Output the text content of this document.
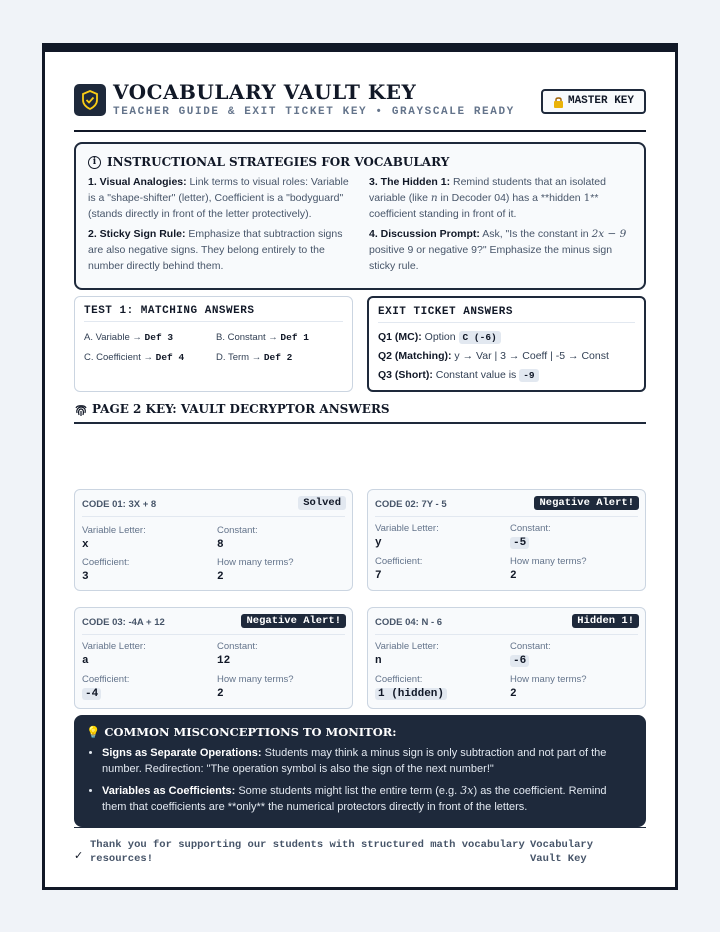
VOCABULARY VAULT KEY
TEACHER GUIDE & EXIT TICKET KEY • GRAYSCALE READY
MASTER KEY
i INSTRUCTIONAL STRATEGIES FOR VOCABULARY

1. Visual Analogies: Link terms to visual roles: Variable is a "shape-shifter" (letter), Coefficient is a "bodyguard" (stands directly in front of the letter protectively).

2. Sticky Sign Rule: Emphasize that subtraction signs are also negative signs. They belong entirely to the number directly behind them.

3. The Hidden 1: Remind students that an isolated variable (like n in Decoder 04) has a **hidden 1** coefficient standing in front of it.

4. Discussion Prompt: Ask, "Is the constant in 2x − 9 positive 9 or negative 9?" Emphasize the minus sign sticky rule.

TEST 1: MATCHING ANSWERS
A. Variable → Def 3	B. Constant → Def 1
C. Coefficient → Def 4	D. Term → Def 2
EXIT TICKET ANSWERS
Q1 (MC): Option C (-6)
Q2 (Matching): y → Var | 3 → Coeff | -5 → Const
Q3 (Short): Constant value is -9
PAGE 2 KEY: VAULT DECRYPTOR ANSWERS
CODE 01: 3X + 8	Solved
Variable Letter:	Constant:
x	8
Coefficient:	How many terms?
3	2
CODE 02: 7Y - 5	Negative Alert!
Variable Letter:	Constant:
y	-5
Coefficient:	How many terms?
7	2
CODE 03: -4A + 12	Negative Alert!
Variable Letter:	Constant:
a	12
Coefficient:	How many terms?
-4	2
CODE 04: N - 6	Hidden 1!
Variable Letter:	Constant:
n	-6
Coefficient:	How many terms?
1 (hidden)	2
💡 COMMON MISCONCEPTIONS TO MONITOR:
• Signs as Separate Operations: Students may think a minus sign is only subtraction and not part of the number. Redirection: "The operation symbol is also the sign of the next number!"
• Variables as Coefficients: Some students might list the entire term (e.g. 3x) as the coefficient. Remind them that coefficients are **only** the numerical protectors directly in front of the letters.
✓
Thank you for supporting our students with structured math vocabulary resources!
Vocabulary Vault Key
